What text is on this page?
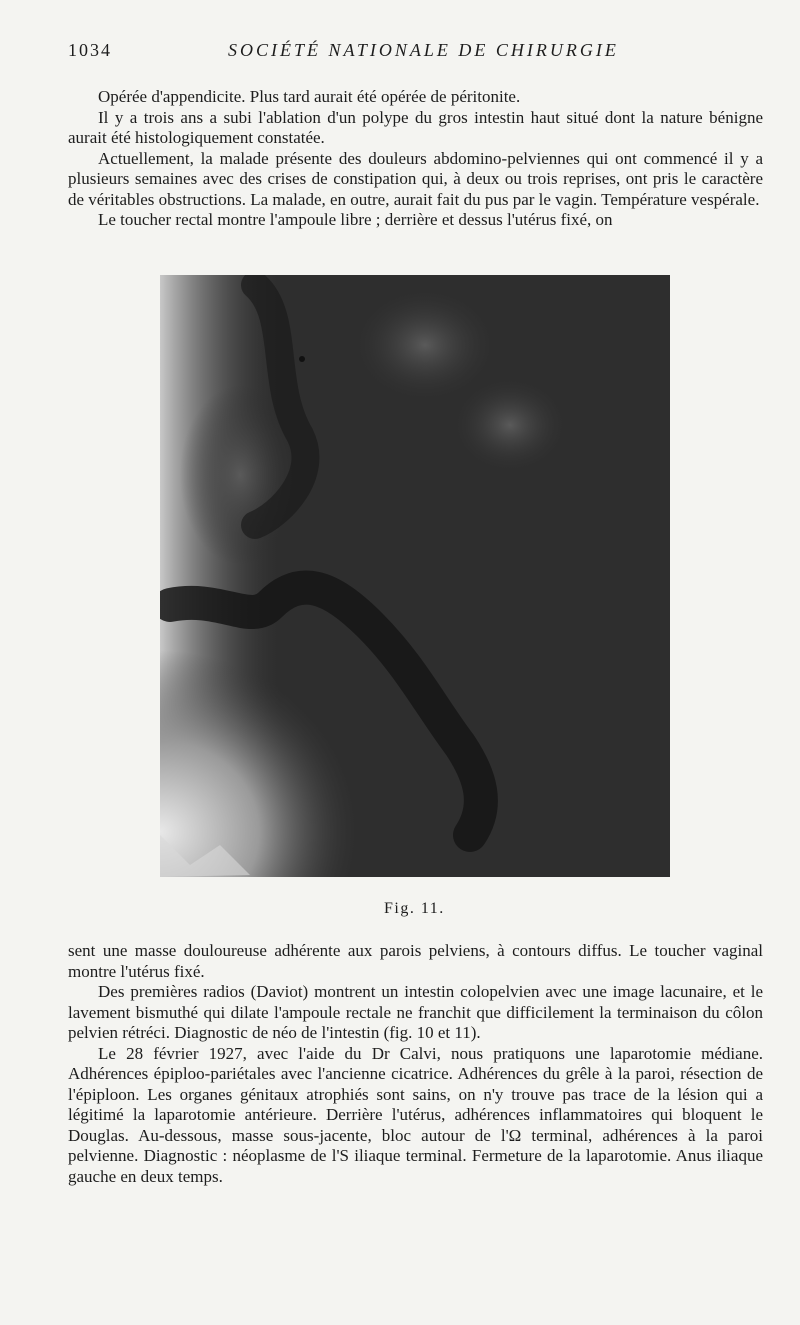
1034	SOCIÉTÉ NATIONALE DE CHIRURGIE

Opérée d'appendicite. Plus tard aurait été opérée de péritonite.

Il y a trois ans a subi l'ablation d'un polype du gros intestin haut situé dont la nature bénigne aurait été histologiquement constatée.

Actuellement, la malade présente des douleurs abdomino-pelviennes qui ont commencé il y a plusieurs semaines avec des crises de constipation qui, à deux ou trois reprises, ont pris le caractère de véritables obstructions. La malade, en outre, aurait fait du pus par le vagin. Température vespérale.

Le toucher rectal montre l'ampoule libre ; derrière et dessus l'utérus fixé, on

Fig. 11.

sent une masse douloureuse adhérente aux parois pelviens, à contours diffus. Le toucher vaginal montre l'utérus fixé.

Des premières radios (Daviot) montrent un intestin colopelvien avec une image lacunaire, et le lavement bismuthé qui dilate l'ampoule rectale ne franchit que difficilement la terminaison du côlon pelvien rétréci. Diagnostic de néo de l'intestin (fig. 10 et 11).

Le 28 février 1927, avec l'aide du Dr Calvi, nous pratiquons une laparotomie médiane. Adhérences épiploo-pariétales avec l'ancienne cicatrice. Adhérences du grêle à la paroi, résection de l'épiploon. Les organes génitaux atrophiés sont sains, on n'y trouve pas trace de la lésion qui a légitimé la laparotomie antérieure. Derrière l'utérus, adhérences inflammatoires qui bloquent le Douglas. Au-dessous, masse sous-jacente, bloc autour de l'Ω terminal, adhérences à la paroi pelvienne. Diagnostic : néoplasme de l'S iliaque terminal. Fermeture de la laparotomie. Anus iliaque gauche en deux temps.
